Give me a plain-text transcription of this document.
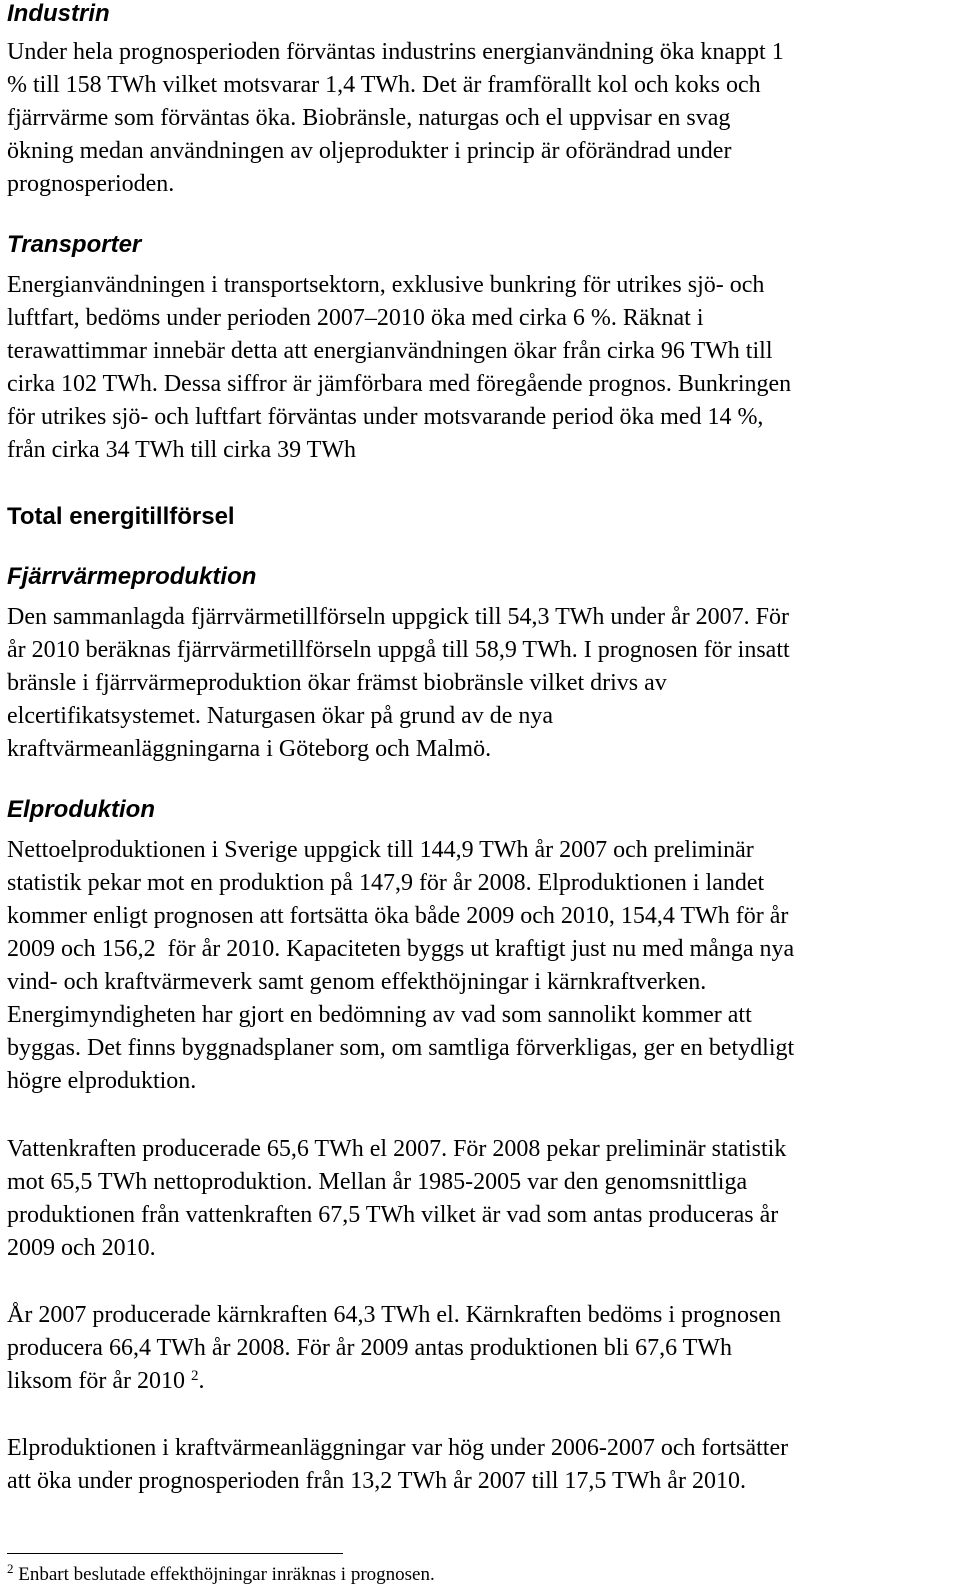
Industrin

Under hela prognosperioden förväntas industrins energianvändning öka knappt 1
% till 158 TWh vilket motsvarar 1,4 TWh. Det är framförallt kol och koks och
fjärrvärme som förväntas öka. Biobränsle, naturgas och el uppvisar en svag
ökning medan användningen av oljeprodukter i princip är oförändrad under
prognosperioden.

Transporter

Energianvändningen i transportsektorn, exklusive bunkring för utrikes sjö- och
luftfart, bedöms under perioden 2007–2010 öka med cirka 6 %. Räknat i
terawattimmar innebär detta att energianvändningen ökar från cirka 96 TWh till
cirka 102 TWh. Dessa siffror är jämförbara med föregående prognos. Bunkringen
för utrikes sjö- och luftfart förväntas under motsvarande period öka med 14 %,
från cirka 34 TWh till cirka 39 TWh

Total energitillförsel
Fjärrvärmeproduktion

Den sammanlagda fjärrvärmetillförseln uppgick till 54,3 TWh under år 2007. För
år 2010 beräknas fjärrvärmetillförseln uppgå till 58,9 TWh. I prognosen för insatt
bränsle i fjärrvärmeproduktion ökar främst biobränsle vilket drivs av
elcertifikatsystemet. Naturgasen ökar på grund av de nya
kraftvärmeanläggningarna i Göteborg och Malmö.

Elproduktion

Nettoelproduktionen i Sverige uppgick till 144,9 TWh år 2007 och preliminär
statistik pekar mot en produktion på 147,9 för år 2008. Elproduktionen i landet
kommer enligt prognosen att fortsätta öka både 2009 och 2010, 154,4 TWh för år
2009 och 156,2  för år 2010. Kapaciteten byggs ut kraftigt just nu med många nya
vind- och kraftvärmeverk samt genom effekthöjningar i kärnkraftverken.
Energimyndigheten har gjort en bedömning av vad som sannolikt kommer att
byggas. Det finns byggnadsplaner som, om samtliga förverkligas, ger en betydligt
högre elproduktion.

Vattenkraften producerade 65,6 TWh el 2007. För 2008 pekar preliminär statistik
mot 65,5 TWh nettoproduktion. Mellan år 1985-2005 var den genomsnittliga
produktionen från vattenkraften 67,5 TWh vilket är vad som antas produceras år
2009 och 2010.

År 2007 producerade kärnkraften 64,3 TWh el. Kärnkraften bedöms i prognosen
producera 66,4 TWh år 2008. För år 2009 antas produktionen bli 67,6 TWh
liksom för år 2010 $^2$.

Elproduktionen i kraftvärmeanläggningar var hög under 2006-2007 och fortsätter
att öka under prognosperioden från 13,2 TWh år 2007 till 17,5 TWh år 2010.

$^2$ Enbart beslutade effekthöjningar inräknas i prognosen.
